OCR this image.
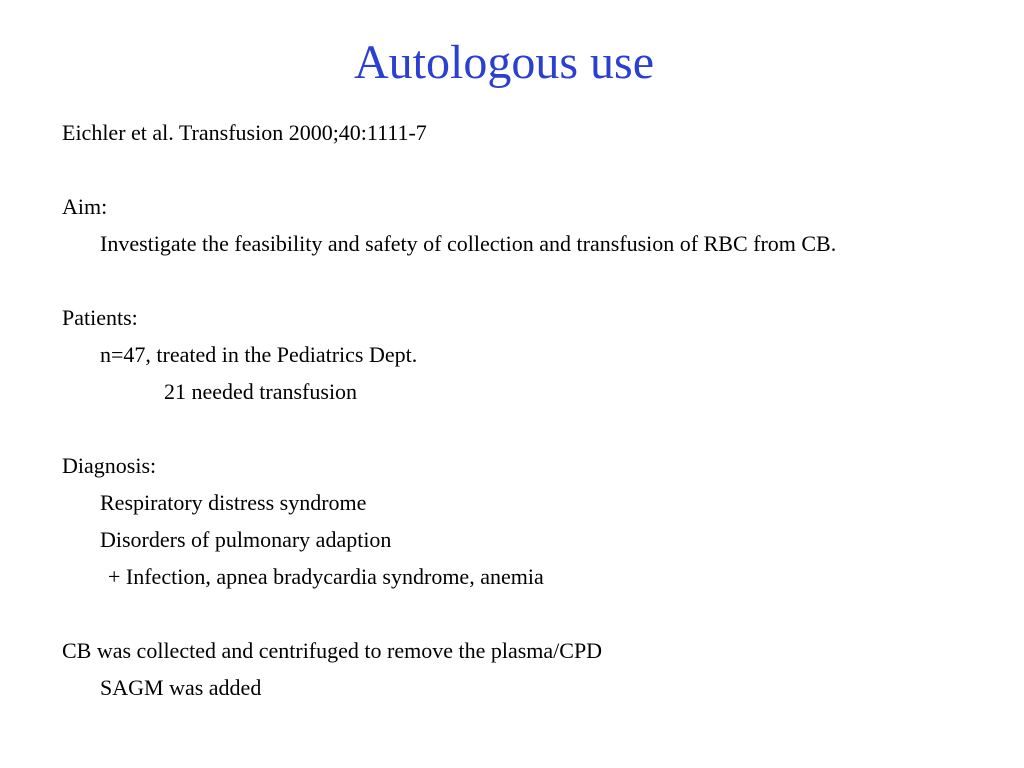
Autologous use
Eichler et al. Transfusion 2000;40:1111-7
Aim:
Investigate the feasibility and safety of collection and transfusion of RBC from CB.
Patients:
n=47, treated in the Pediatrics Dept.
21 needed transfusion
Diagnosis:
Respiratory distress syndrome
Disorders of pulmonary adaption
+ Infection, apnea bradycardia syndrome, anemia
CB was collected and centrifuged to remove the plasma/CPD
SAGM was added
